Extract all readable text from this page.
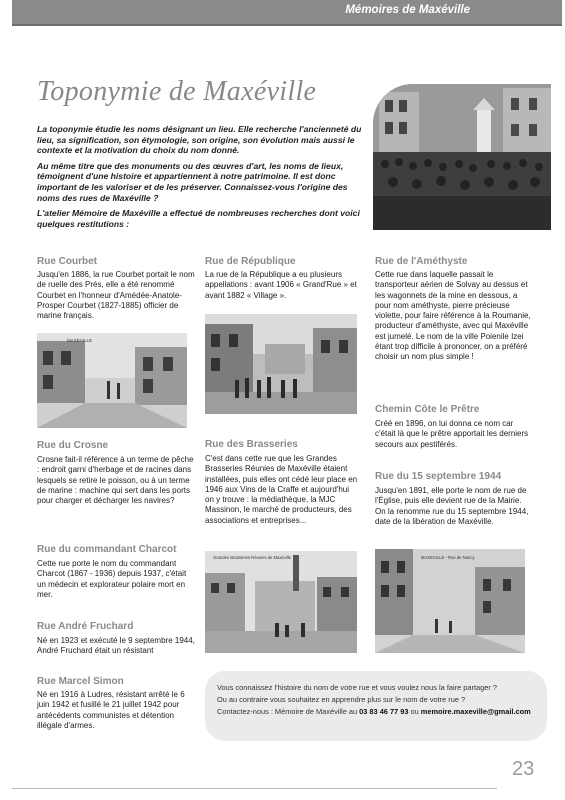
Mémoires de Maxéville
Toponymie de Maxéville

La toponymie étudie les noms désignant un lieu. Elle recherche l'ancienneté du lieu, sa signification, son étymologie, son origine, son évolution mais aussi le contexte et la motivation du choix du nom donné.

Au même titre que des monuments ou des œuvres d'art, les noms de lieux, témoignent d'une histoire et appartiennent à notre patrimoine. Il est donc important de les valoriser et de les préserver. Connaissez-vous l'origine des noms des rues de Maxéville ?

L'atelier Mémoire de Maxéville a effectué de nombreuses recherches dont voici quelques restitutions :

Rue Courbet
Jusqu'en 1886, la rue Courbet portait le nom de ruelle des Prés, elle a été renommé Courbet en l'honneur d'Amédée-Anatole-Prosper Courbet (1827-1885) officier de marine français.
MAXEVILLE
Rue du Crosne
Crosne fait-il référence à un terme de pêche : endroit garni d'herbage et de racines dans lesquels se retire le poisson, ou à un terme de marine : machine qui sert dans les ports pour charger et décharger les navires?
Rue du commandant Charcot
Cette rue porte le nom du commandant Charcot (1867 - 1936) depuis 1937, c'était un médecin et explorateur polaire mort en mer.
Rue André Fruchard
Né en 1923 et exécuté le 9 septembre 1944, André Fruchard était un résistant
Rue Marcel Simon
Né en 1916 à Ludres, résistant arrêté le 6 juin 1942 et fusillé le 21 juillet 1942 pour antécédents communistes et détention illégale d'armes.
Rue de République
La rue de la République a eu plusieurs appellations : avant 1906 « Grand'Rue » et avant 1882 « Village ».
Rue des Brasseries
C'est dans cette rue que les Grandes Brasseries Réunies de Maxéville étaient installées, puis elles ont cédé leur place en 1946 aux Vins de la Craffe et aujourd'hui on y trouve : la médiathèque, la MJC Massinon, le marché de producteurs, des associations et entreprises...
Grandes Brasseries Réunies de Maxéville
Rue de l'Améthyste
Cette rue dans laquelle passait le transporteur aérien de Solvay au dessus et les wagonnets de la mine en dessous, a pour nom améthyste, pierre précieuse violette, pour faire référence à la Roumanie, producteur d'améthyste, avec qui Maxéville est jumelé. Le nom de la ville Poienile Izei étant trop difficile à prononcer, on a préféré choisir un nom plus simple !
Chemin Côte le Prêtre
Créé en 1896, on lui donna ce nom car c'était là que le prêtre apportait les derniers secours aux pestiférés.
Rue du 15 septembre 1944
Jusqu'en 1891, elle porte le nom de rue de l'Église, puis elle devient rue de la Mairie. On la renomme rue du 15 septembre 1944, date de la libération de Maxéville.
MAXEVILLE - Rue de Nancy
Vous connaissez l'histoire du nom de votre rue et vous voulez nous la faire partager ?
Ou au contraire vous souhaitez en apprendre plus sur le nom de votre rue ?
Contactez-nous : Mémoire de Maxéville au 03 83 46 77 93 ou memoire.maxeville@gmail.com
23
